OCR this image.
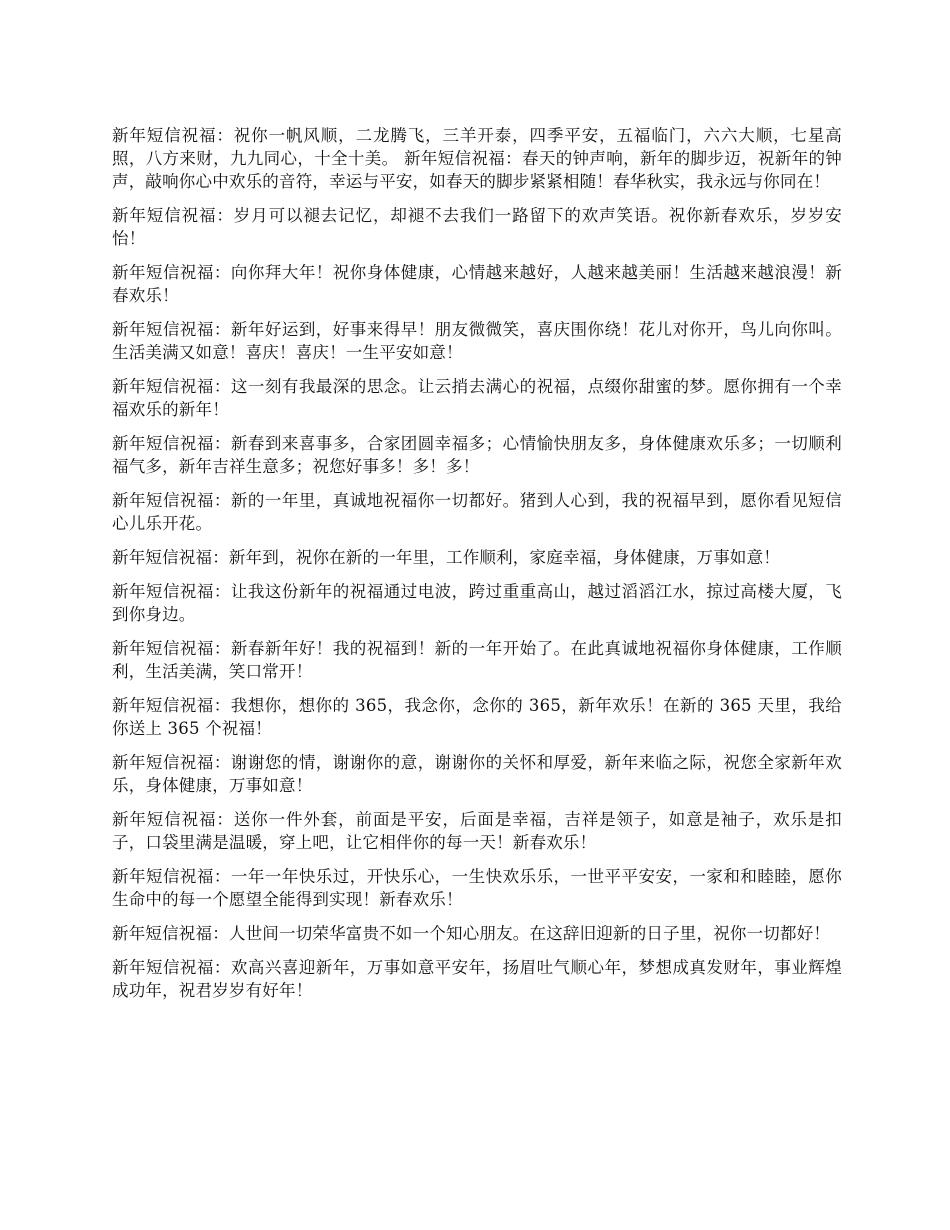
新年短信祝福：祝你一帆风顺，二龙腾飞，三羊开泰，四季平安，五福临门，六六大顺，七星高照，八方来财，九九同心，十全十美。 新年短信祝福：春天的钟声响，新年的脚步迈，祝新年的钟声，敲响你心中欢乐的音符，幸运与平安，如春天的脚步紧紧相随！春华秋实，我永远与你同在！

新年短信祝福：岁月可以褪去记忆，却褪不去我们一路留下的欢声笑语。祝你新春欢乐，岁岁安怡！

新年短信祝福：向你拜大年！祝你身体健康，心情越来越好，人越来越美丽！生活越来越浪漫！新春欢乐！

新年短信祝福：新年好运到，好事来得早！朋友微微笑，喜庆围你绕！花儿对你开，鸟儿向你叫。生活美满又如意！喜庆！喜庆！一生平安如意！

新年短信祝福：这一刻有我最深的思念。让云捎去满心的祝福，点缀你甜蜜的梦。愿你拥有一个幸福欢乐的新年！

新年短信祝福：新春到来喜事多，合家团圆幸福多；心情愉快朋友多，身体健康欢乐多；一切顺利福气多，新年吉祥生意多；祝您好事多！多！多！

新年短信祝福：新的一年里，真诚地祝福你一切都好。猪到人心到，我的祝福早到，愿你看见短信心儿乐开花。

新年短信祝福：新年到，祝你在新的一年里，工作顺利，家庭幸福，身体健康，万事如意！

新年短信祝福：让我这份新年的祝福通过电波，跨过重重高山，越过滔滔江水，掠过高楼大厦，飞到你身边。

新年短信祝福：新春新年好！我的祝福到！新的一年开始了。在此真诚地祝福你身体健康，工作顺利，生活美满，笑口常开！

新年短信祝福：我想你，想你的 365，我念你，念你的 365，新年欢乐！在新的 365 天里，我给你送上 365 个祝福！

新年短信祝福：谢谢您的情，谢谢你的意，谢谢你的关怀和厚爱，新年来临之际，祝您全家新年欢乐，身体健康，万事如意！

新年短信祝福：送你一件外套，前面是平安，后面是幸福，吉祥是领子，如意是袖子，欢乐是扣子，口袋里满是温暖，穿上吧，让它相伴你的每一天！新春欢乐！

新年短信祝福：一年一年快乐过，开快乐心，一生快欢乐乐，一世平平安安，一家和和睦睦，愿你生命中的每一个愿望全能得到实现！新春欢乐！

新年短信祝福：人世间一切荣华富贵不如一个知心朋友。在这辞旧迎新的日子里，祝你一切都好！

新年短信祝福：欢高兴喜迎新年，万事如意平安年，扬眉吐气顺心年，梦想成真发财年，事业辉煌成功年，祝君岁岁有好年！
